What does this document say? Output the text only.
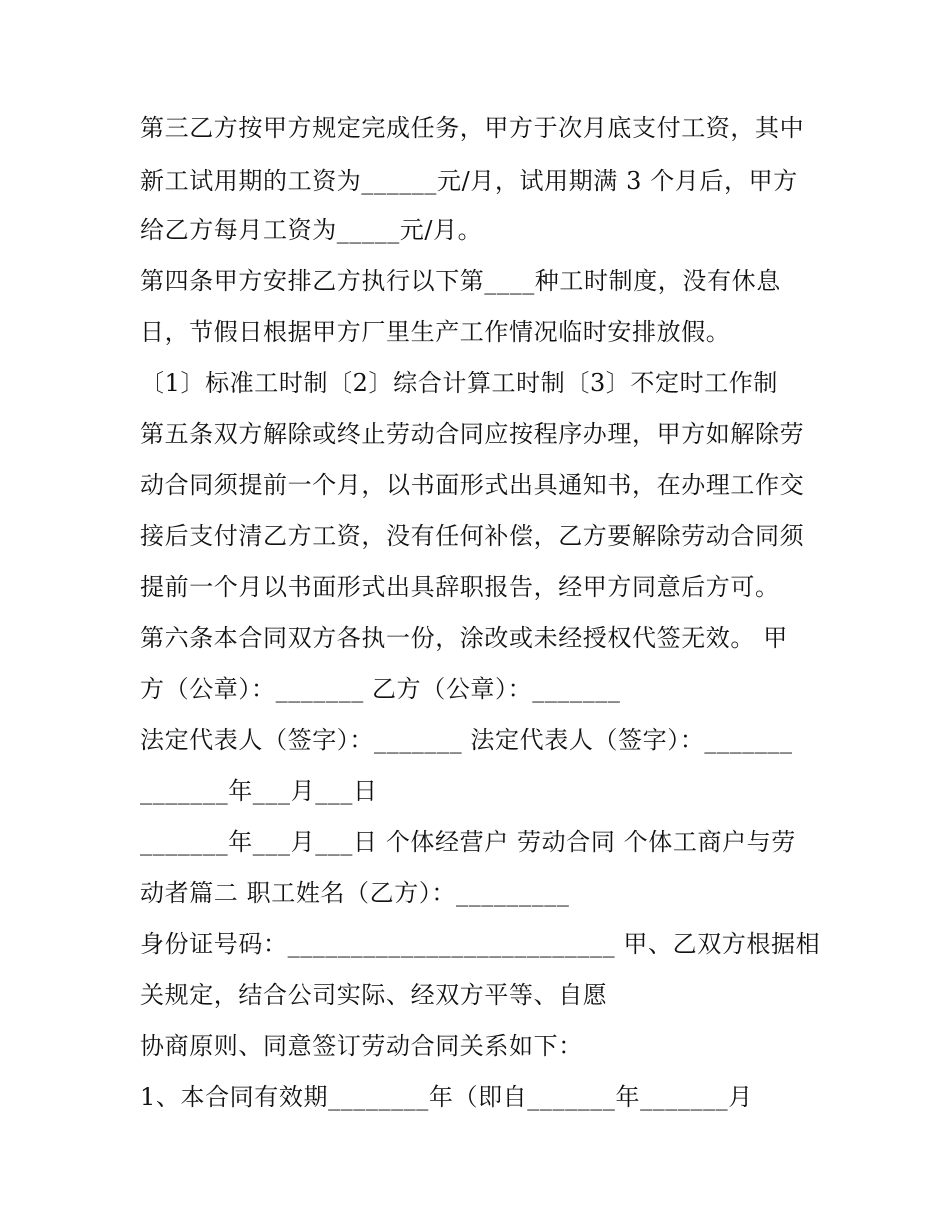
第三乙方按甲方规定完成任务，甲方于次月底支付工资，其中
新工试用期的工资为______元/月，试用期满 3 个月后，甲方
给乙方每月工资为_____元/月。
第四条甲方安排乙方执行以下第____种工时制度，没有休息
日，节假日根据甲方厂里生产工作情况临时安排放假。
〔1〕标准工时制〔2〕综合计算工时制〔3〕不定时工作制
第五条双方解除或终止劳动合同应按程序办理，甲方如解除劳
动合同须提前一个月，以书面形式出具通知书，在办理工作交
接后支付清乙方工资，没有任何补偿，乙方要解除劳动合同须
提前一个月以书面形式出具辞职报告，经甲方同意后方可。
第六条本合同双方各执一份，涂改或未经授权代签无效。 甲
方（公章）：_______ 乙方（公章）：_______
法定代表人（签字）：_______ 法定代表人（签字）：_______
_______年___月___日
_______年___月___日 个体经营户 劳动合同 个体工商户与劳
动者篇二 职工姓名（乙方）：_________
身份证号码：__________________________ 甲、乙双方根据相
关规定，结合公司实际、经双方平等、自愿
协商原则、同意签订劳动合同关系如下：
1、本合同有效期________年（即自_______年_______月
